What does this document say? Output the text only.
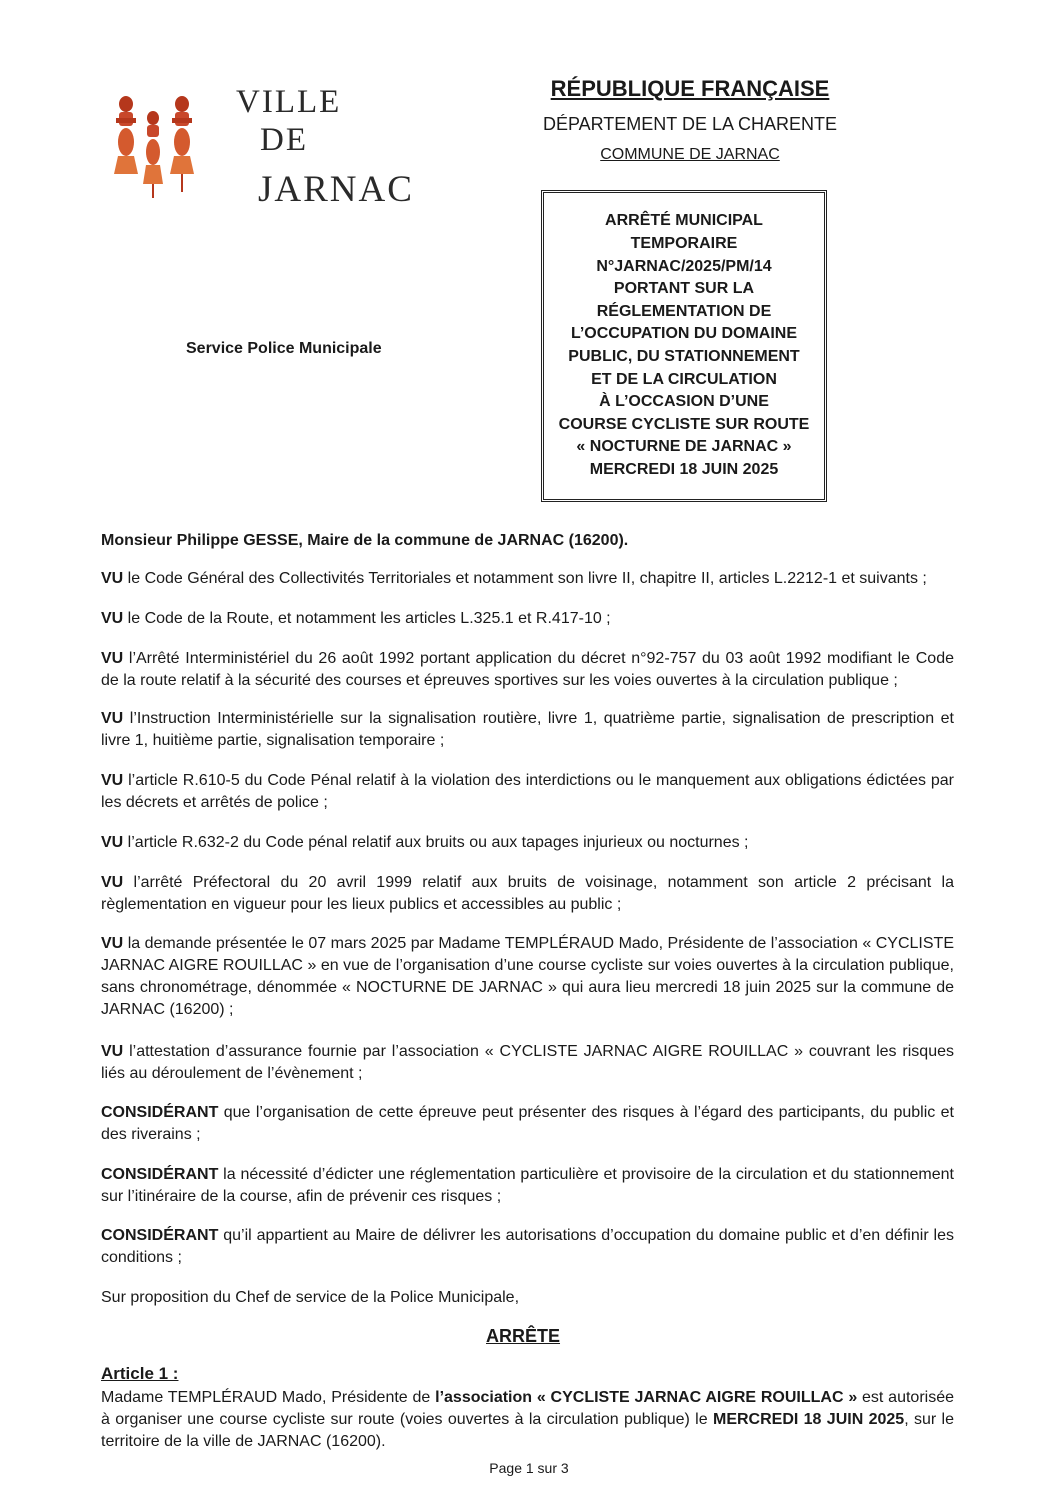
VILLE
DE
JARNAC
RÉPUBLIQUE FRANÇAISE
DÉPARTEMENT DE LA CHARENTE
COMMUNE DE JARNAC
Service Police Municipale
ARRÊTÉ MUNICIPAL
TEMPORAIRE
N°JARNAC/2025/PM/14
PORTANT SUR LA
RÉGLEMENTATION DE
L’OCCUPATION DU DOMAINE
PUBLIC, DU STATIONNEMENT
ET DE LA CIRCULATION
À L’OCCASION D’UNE
COURSE CYCLISTE SUR ROUTE
« NOCTURNE DE JARNAC »
MERCREDI 18 JUIN 2025

Monsieur Philippe GESSE, Maire de la commune de JARNAC (16200).

VU le Code Général des Collectivités Territoriales et notamment son livre II, chapitre II, articles L.2212-1 et suivants ;

VU le Code de la Route, et notamment les articles L.325.1 et R.417-10 ;

VU l’Arrêté Interministériel du 26 août 1992 portant application du décret n°92-757 du 03 août 1992 modifiant le Code de la route relatif à la sécurité des courses et épreuves sportives sur les voies ouvertes à la circulation publique ;

VU l’Instruction Interministérielle sur la signalisation routière, livre 1, quatrième partie, signalisation de prescription et livre 1, huitième partie, signalisation temporaire ;

VU l’article R.610-5 du Code Pénal relatif à la violation des interdictions ou le manquement aux obligations édictées par les décrets et arrêtés de police ;

VU l’article R.632-2 du Code pénal relatif aux bruits ou aux tapages injurieux ou nocturnes ;

VU l’arrêté Préfectoral du 20 avril 1999 relatif aux bruits de voisinage, notamment son article 2 précisant la règlementation en vigueur pour les lieux publics et accessibles au public ;

VU la demande présentée le 07 mars 2025 par Madame TEMPLÉRAUD Mado, Présidente de l’association « CYCLISTE JARNAC AIGRE ROUILLAC » en vue de l’organisation d’une course cycliste sur voies ouvertes à la circulation publique, sans chronométrage, dénommée « NOCTURNE DE JARNAC » qui aura lieu mercredi 18 juin 2025 sur la commune de JARNAC (16200) ;

VU l’attestation d’assurance fournie par l’association « CYCLISTE JARNAC AIGRE ROUILLAC » couvrant les risques liés au déroulement de l’évènement ;

CONSIDÉRANT que l’organisation de cette épreuve peut présenter des risques à l’égard des participants, du public et des riverains ;

CONSIDÉRANT la nécessité d’édicter une réglementation particulière et provisoire de la circulation et du stationnement sur l’itinéraire de la course, afin de prévenir ces risques ;

CONSIDÉRANT qu’il appartient au Maire de délivrer les autorisations d’occupation du domaine public et d’en définir les conditions ;

Sur proposition du Chef de service de la Police Municipale,

ARRÊTE
Article 1 :

Madame TEMPLÉRAUD Mado, Présidente de l’association « CYCLISTE JARNAC AIGRE ROUILLAC » est autorisée à organiser une course cycliste sur route (voies ouvertes à la circulation publique) le MERCREDI 18 JUIN 2025, sur le territoire de la ville de JARNAC (16200).

Page 1 sur 3
